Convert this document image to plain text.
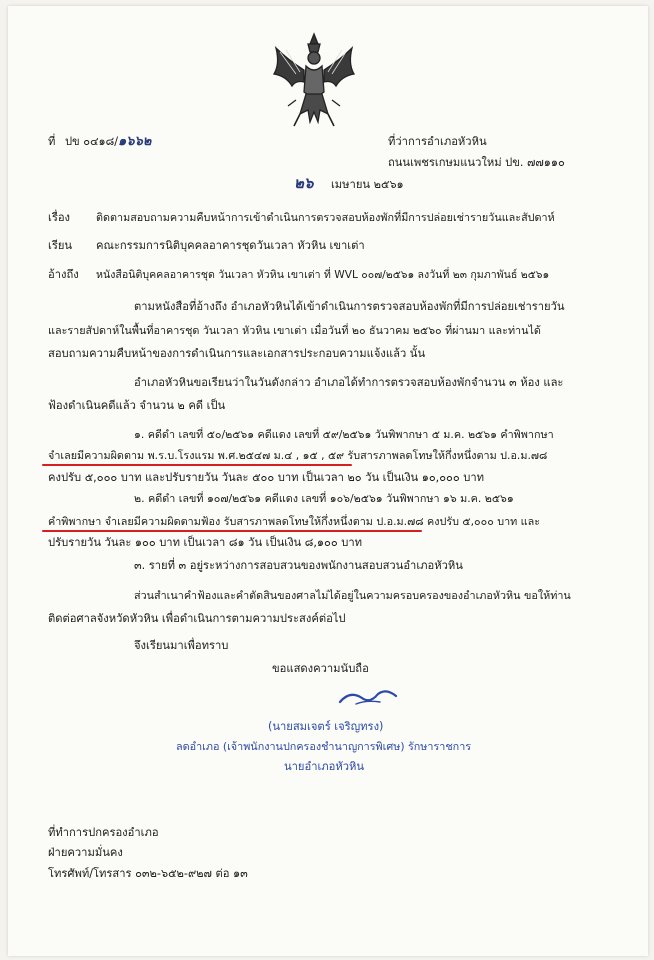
ที่ ปข ๐๔๑๘/๑๖๖๒	ที่ว่าการอำเภอหัวหิน
ถนนเพชรเกษมแนวใหม่ ปข. ๗๗๑๑๐
๒๖ เมษายน ๒๕๖๑
เรื่อง ติดตามสอบถามความคืบหน้าการเข้าดำเนินการตรวจสอบห้องพักที่มีการปล่อยเช่ารายวันและสัปดาห์
เรียน คณะกรรมการนิติบุคคลอาคารชุดวันเวลา หัวหิน เขาเต่า
อ้างถึง หนังสือนิติบุคคลอาคารชุด วันเวลา หัวหิน เขาเต่า ที่ WVL ๐๐๗/๒๕๖๑ ลงวันที่ ๒๓ กุมภาพันธ์ ๒๕๖๑
ตามหนังสือที่อ้างถึง อำเภอหัวหินได้เข้าดำเนินการตรวจสอบห้องพักที่มีการปล่อยเช่ารายวัน
และรายสัปดาห์ในพื้นที่อาคารชุด วันเวลา หัวหิน เขาเต่า เมื่อวันที่ ๒๐ ธันวาคม ๒๕๖๐ ที่ผ่านมา และท่านได้
สอบถามความคืบหน้าของการดำเนินการและเอกสารประกอบความแจ้งแล้ว นั้น
อำเภอหัวหินขอเรียนว่าในวันดังกล่าว อำเภอได้ทำการตรวจสอบห้องพักจำนวน ๓ ห้อง และ
ฟ้องดำเนินคดีแล้ว จำนวน ๒ คดี เป็น
๑. คดีดำ เลขที่ ๕๐/๒๕๖๑ คดีแดง เลขที่ ๕๙/๒๕๖๑ วันพิพากษา ๕ ม.ค. ๒๕๖๑ คำพิพากษา
จำเลยมีความผิดตาม พ.ร.บ.โรงแรม พ.ศ.๒๕๔๗ ม.๔ , ๑๕ , ๕๙ รับสารภาพลดโทษให้กึ่งหนึ่งตาม ป.อ.ม.๗๘
คงปรับ ๕,๐๐๐ บาท และปรับรายวัน วันละ ๕๐๐ บาท เป็นเวลา ๒๐ วัน เป็นเงิน ๑๐,๐๐๐ บาท
๒. คดีดำ เลขที่ ๑๐๗/๒๕๖๑ คดีแดง เลขที่ ๑๐๖/๒๕๖๑ วันพิพากษา ๑๖ ม.ค. ๒๕๖๑
คำพิพากษา จำเลยมีความผิดตามฟ้อง รับสารภาพลดโทษให้กึ่งหนึ่งตาม ป.อ.ม.๗๘ คงปรับ ๕,๐๐๐ บาท และ
ปรับรายวัน วันละ ๑๐๐ บาท เป็นเวลา ๘๑ วัน เป็นเงิน ๘,๑๐๐ บาท
๓. รายที่ ๓ อยู่ระหว่างการสอบสวนของพนักงานสอบสวนอำเภอหัวหิน
ส่วนสำเนาคำฟ้องและคำตัดสินของศาลไม่ได้อยู่ในความครอบครองของอำเภอหัวหิน ขอให้ท่าน
ติดต่อศาลจังหวัดหัวหิน เพื่อดำเนินการตามความประสงค์ต่อไป
จึงเรียนมาเพื่อทราบ
ขอแสดงความนับถือ
(นายสมเจตร์ เจริญทรง)
ลดอำเภอ (เจ้าพนักงานปกครองชำนาญการพิเศษ) รักษาราชการ
นายอำเภอหัวหิน
ที่ทำการปกครองอำเภอ
ฝ่ายความมั่นคง
โทรศัพท์/โทรสาร ๐๓๒-๖๕๒-๙๒๗ ต่อ ๑๓
